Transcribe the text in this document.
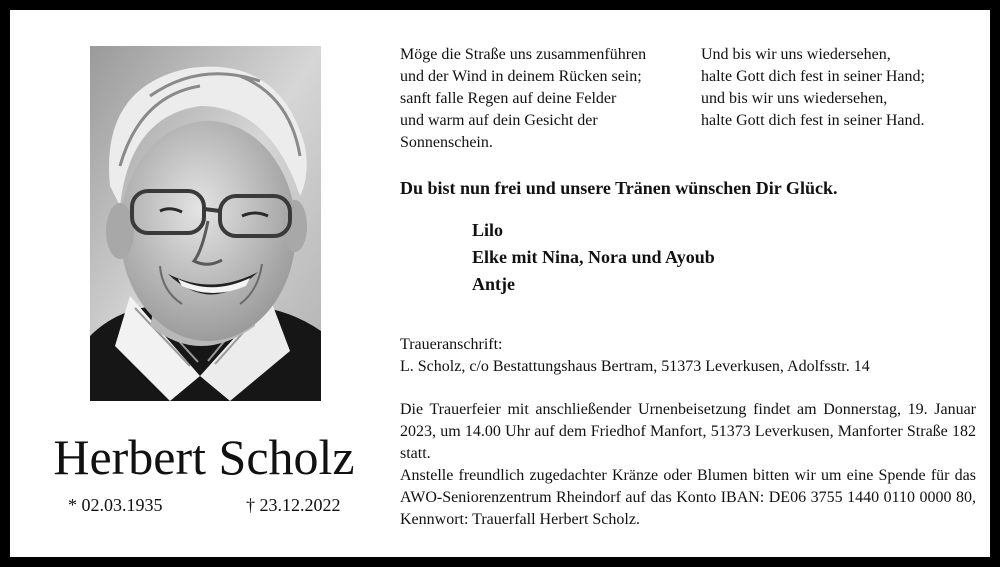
Herbert Scholz
* 02.03.1935	† 23.12.2022
Möge die Straße uns zusammenführen
und der Wind in deinem Rücken sein;
sanft falle Regen auf deine Felder
und warm auf dein Gesicht der
Sonnenschein.
Und bis wir uns wiedersehen,
halte Gott dich fest in seiner Hand;
und bis wir uns wiedersehen,
halte Gott dich fest in seiner Hand.
Du bist nun frei und unsere Tränen wünschen Dir Glück.
Lilo
Elke mit Nina, Nora und Ayoub
Antje
Traueranschrift:
L. Scholz, c/o Bestattungshaus Bertram, 51373 Leverkusen, Adolfsstr. 14

Die Trauerfeier mit anschließender Urnenbeisetzung findet am Donnerstag, 19. Januar 2023, um 14.00 Uhr auf dem Friedhof Manfort, 51373 Leverkusen, Manforter Straße 182 statt.

Anstelle freundlich zugedachter Kränze oder Blumen bitten wir um eine Spende für das AWO-Seniorenzentrum Rheindorf auf das Konto IBAN: DE06 3755 1440 0110 0000 80, Kennwort: Trauerfall Herbert Scholz.
